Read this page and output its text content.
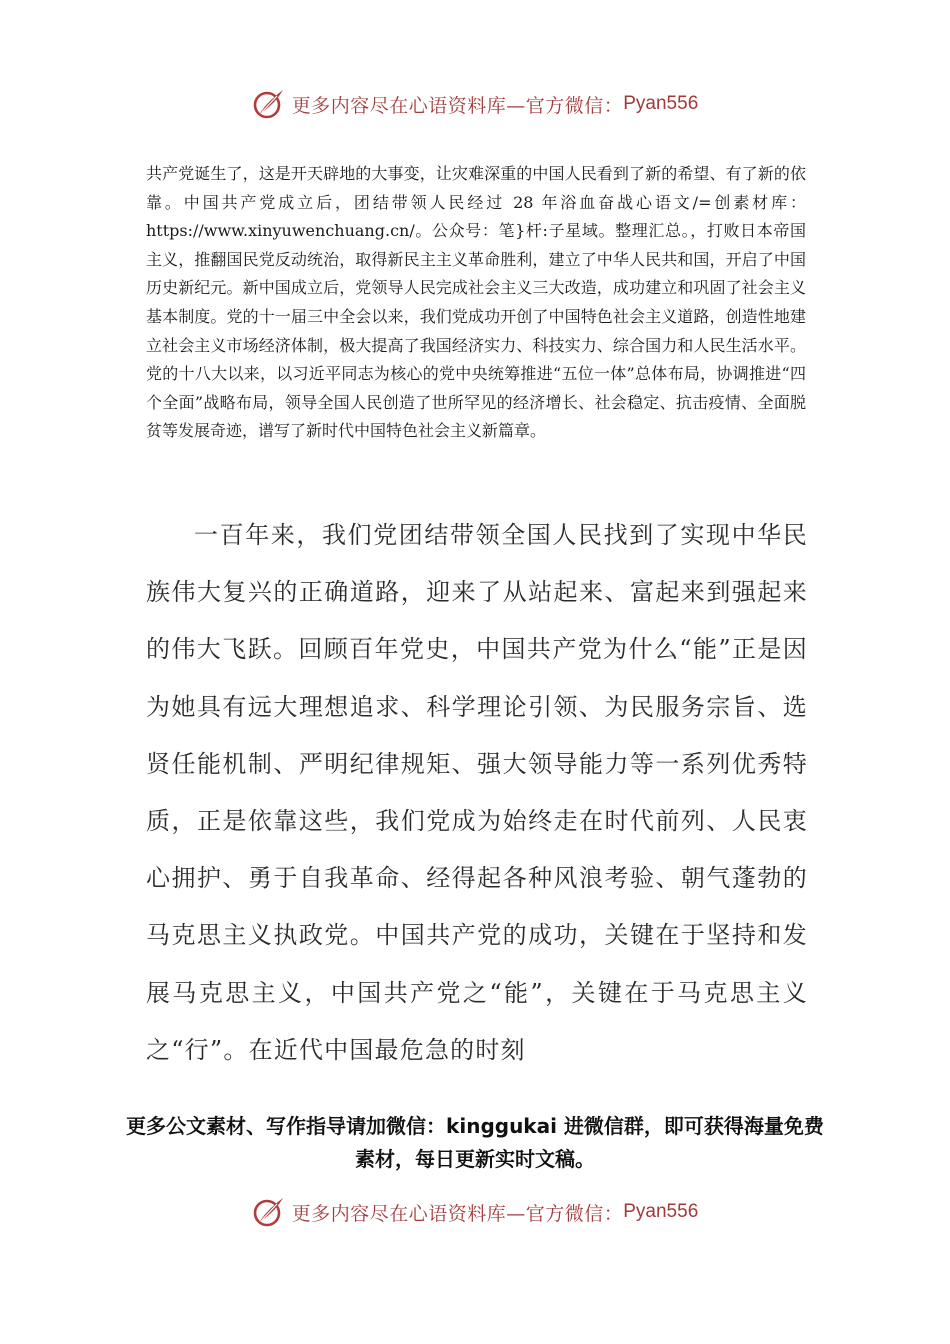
更多内容尽在心语资料库 —官方微信： Pyan556

共产党诞生了，这是开天辟地的大事变，让灾难深重的中国人民看到了新的希望、有了新的依靠。中国共产党成立后，团结带领人民经过 28 年浴血奋战心语文/=创素材库：https://www.xinyuwenchuang.cn/。公众号：笔}杆:子星域。整理汇总。，打败日本帝国主义，推翻国民党反动统治，取得新民主主义革命胜利，建立了中华人民共和国，开启了中国历史新纪元。新中国成立后，党领导人民完成社会主义三大改造，成功建立和巩固了社会主义基本制度。党的十一届三中全会以来，我们党成功开创了中国特色社会主义道路，创造性地建立社会主义市场经济体制，极大提高了我国经济实力、科技实力、综合国力和人民生活水平。党的十八大以来，以习近平同志为核心的党中央统筹推进“五位一体”总体布局，协调推进“四个全面”战略布局，领导全国人民创造了世所罕见的经济增长、社会稳定、抗击疫情、全面脱贫等发展奇迹，谱写了新时代中国特色社会主义新篇章。

一百年来，我们党团结带领全国人民找到了实现中华民族伟大复兴的正确道路，迎来了从站起来、富起来到强起来的伟大飞跃。回顾百年党史，中国共产党为什么“能”正是因为她具有远大理想追求、科学理论引领、为民服务宗旨、选贤任能机制、严明纪律规矩、强大领导能力等一系列优秀特质，正是依靠这些，我们党成为始终走在时代前列、人民衷心拥护、勇于自我革命、经得起各种风浪考验、朝气蓬勃的马克思主义执政党。中国共产党的成功，关键在于坚持和发展马克思主义，中国共产党之“能”，关键在于马克思主义之“行”。在近代中国最危急的时刻

更多公文素材、写作指导请加微信：kinggukai 进微信群，即可获得海量免费素材，每日更新实时文稿。

更多内容尽在心语资料库 —官方微信： Pyan556
